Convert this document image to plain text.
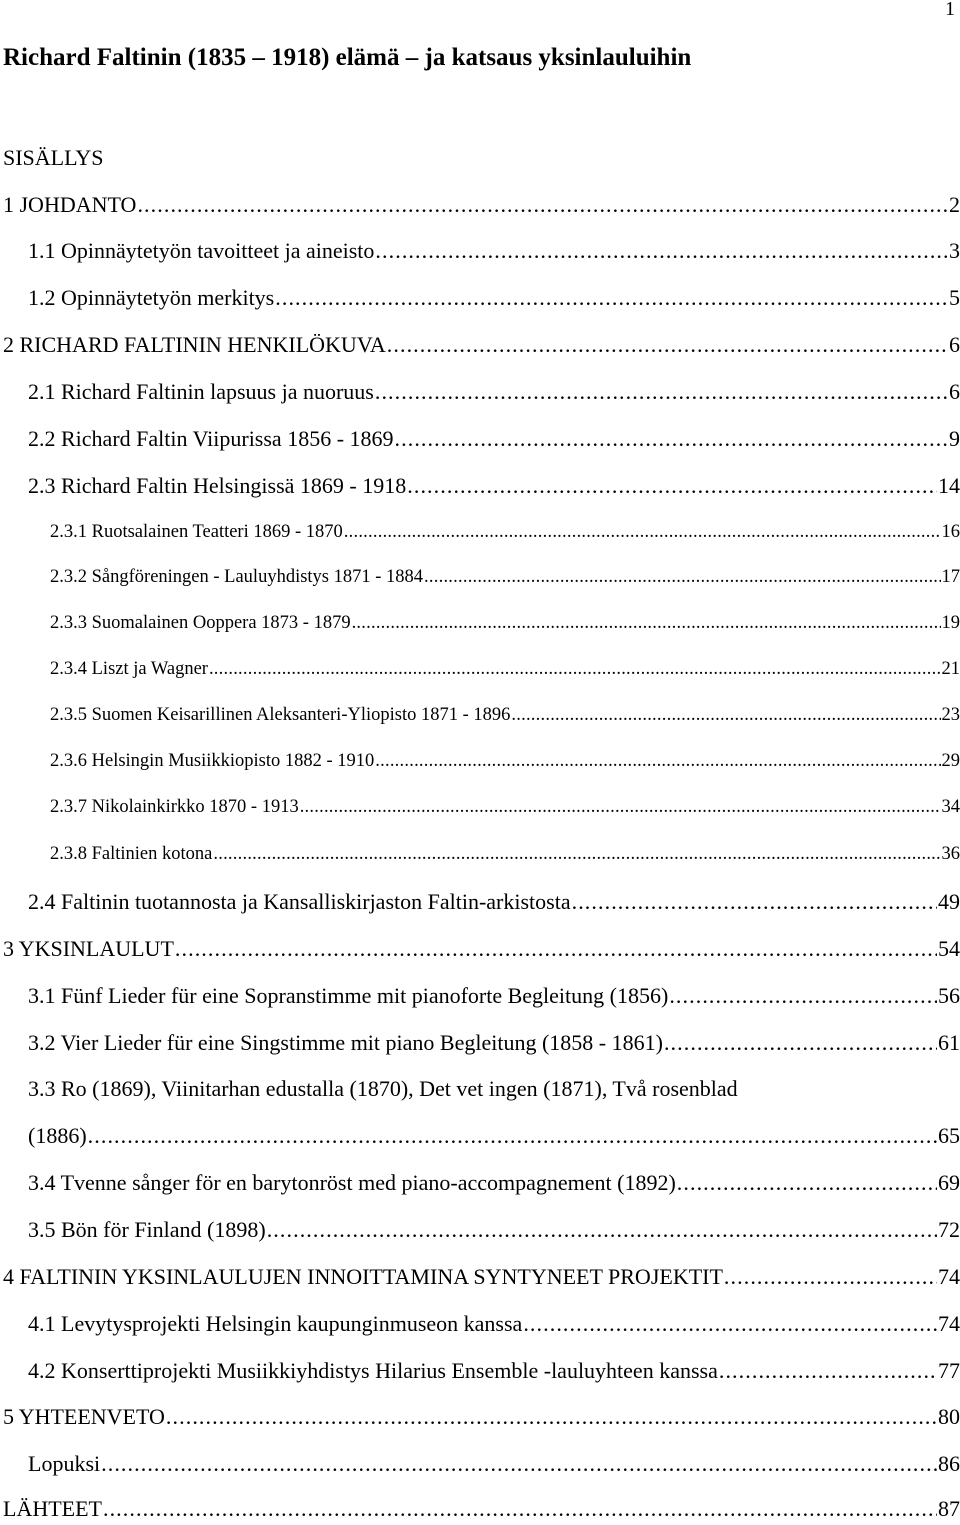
1
Richard Faltinin (1835 – 1918) elämä – ja katsaus yksinlauluihin
SISÄLLYS
1 JOHDANTO . . .	2
1.1 Opinnäytetyön tavoitteet ja aineisto . . .	3
1.2 Opinnäytetyön merkitys . . .	5
2 RICHARD FALTININ HENKILÖKUVA . . .	6
2.1 Richard Faltinin lapsuus ja nuoruus . . .	6
2.2 Richard Faltin Viipurissa 1856 - 1869 . . .	9
2.3 Richard Faltin Helsingissä 1869 - 1918 . . .	14
2.3.1 Ruotsalainen Teatteri 1869 - 1870 . . .	16
2.3.2 Sångföreningen - Lauluyhdistys 1871 - 1884 . . .	17
2.3.3 Suomalainen Ooppera 1873 - 1879 . . .	19
2.3.4 Liszt ja Wagner . . .	21
2.3.5 Suomen Keisarillinen Aleksanteri-Yliopisto 1871 - 1896 . . .	23
2.3.6 Helsingin Musiikkiopisto 1882 - 1910 . . .	29
2.3.7 Nikolainkirkko 1870 - 1913 . . .	34
2.3.8 Faltinien kotona . . .	36
2.4 Faltinin tuotannosta ja Kansalliskirjaston Faltin-arkistosta . . .	49
3 YKSINLAULUT . . .	54
3.1 Fünf Lieder für eine Sopranstimme mit pianoforte Begleitung (1856) . . .	56
3.2 Vier Lieder für eine Singstimme mit piano Begleitung (1858 - 1861) . . .	61
3.3 Ro (1869), Viinitarhan edustalla (1870), Det vet ingen (1871), Två rosenblad
(1886) . . .	65
3.4 Tvenne sånger för en barytonröst med piano-accompagnement (1892) . . .	69
3.5 Bön för Finland (1898) . . .	72
4 FALTININ YKSINLAULUJEN INNOITTAMINA SYNTYNEET PROJEKTIT . . .	74
4.1 Levytysprojekti Helsingin kaupunginmuseon kanssa . . .	74
4.2 Konserttiprojekti Musiikkiyhdistys Hilarius Ensemble -lauluyhteen kanssa . . .	77
5 YHTEENVETO . . .	80
Lopuksi . . .	86
LÄHTEET . . .	87
